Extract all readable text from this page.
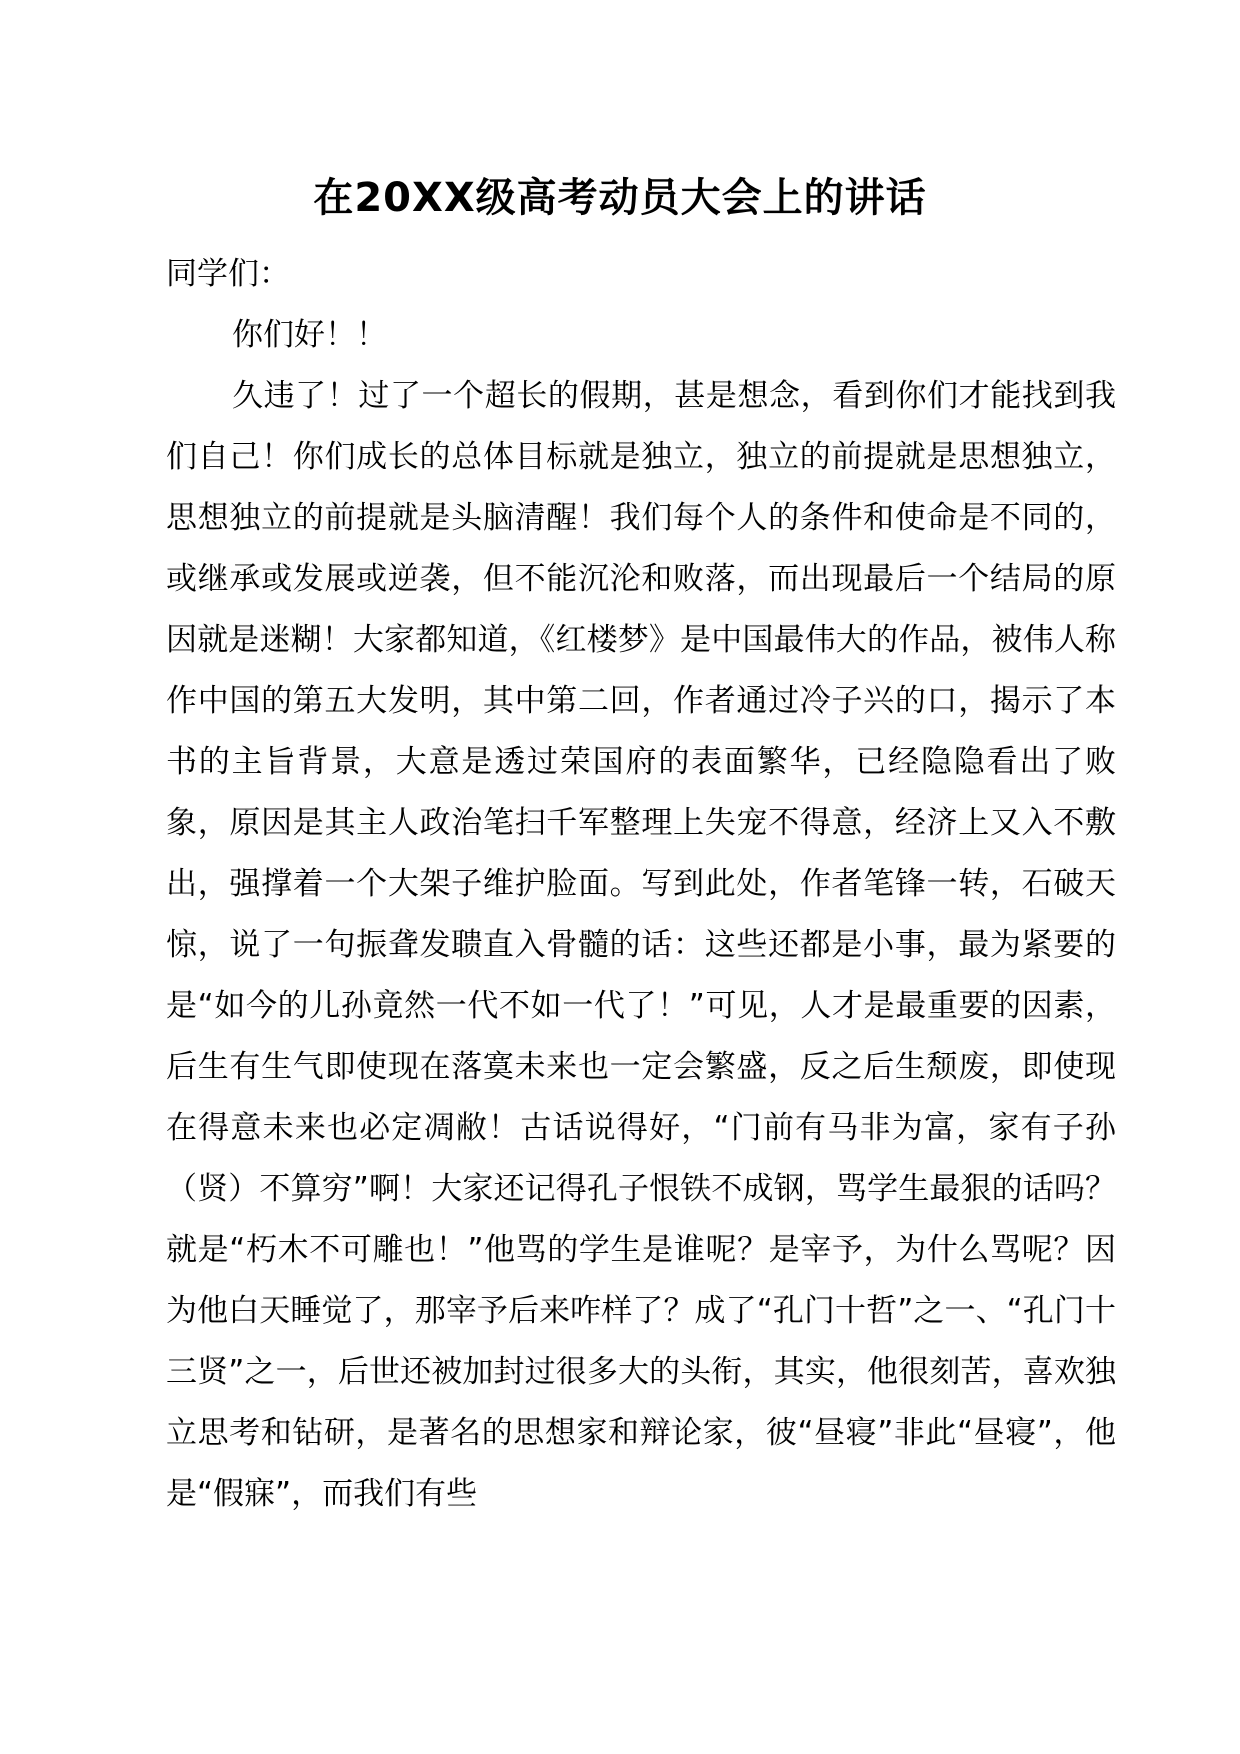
在20XX级高考动员大会上的讲话

同学们：

你们好！！

久违了！过了一个超长的假期，甚是想念，看到你们才能找到我们自己！你们成长的总体目标就是独立，独立的前提就是思想独立，思想独立的前提就是头脑清醒！我们每个人的条件和使命是不同的，或继承或发展或逆袭，但不能沉沦和败落，而出现最后一个结局的原因就是迷糊！大家都知道，《红楼梦》是中国最伟大的作品，被伟人称作中国的第五大发明，其中第二回，作者通过冷子兴的口，揭示了本书的主旨背景，大意是透过荣国府的表面繁华，已经隐隐看出了败象，原因是其主人政治笔扫千军整理上失宠不得意，经济上又入不敷出，强撑着一个大架子维护脸面。写到此处，作者笔锋一转，石破天惊，说了一句振聋发聩直入骨髓的话：这些还都是小事，最为紧要的是“如今的儿孙竟然一代不如一代了！”可见，人才是最重要的因素，后生有生气即使现在落寞未来也一定会繁盛，反之后生颓废，即使现在得意未来也必定凋敝！古话说得好，“门前有马非为富，家有子孙（贤）不算穷”啊！大家还记得孔子恨铁不成钢，骂学生最狠的话吗？就是“朽木不可雕也！”他骂的学生是谁呢？是宰予，为什么骂呢？因为他白天睡觉了，那宰予后来咋样了？成了“孔门十哲”之一、“孔门十三贤”之一，后世还被加封过很多大的头衔，其实，他很刻苦，喜欢独立思考和钻研，是著名的思想家和辩论家，彼“昼寝”非此“昼寝”，他是“假寐”，而我们有些
